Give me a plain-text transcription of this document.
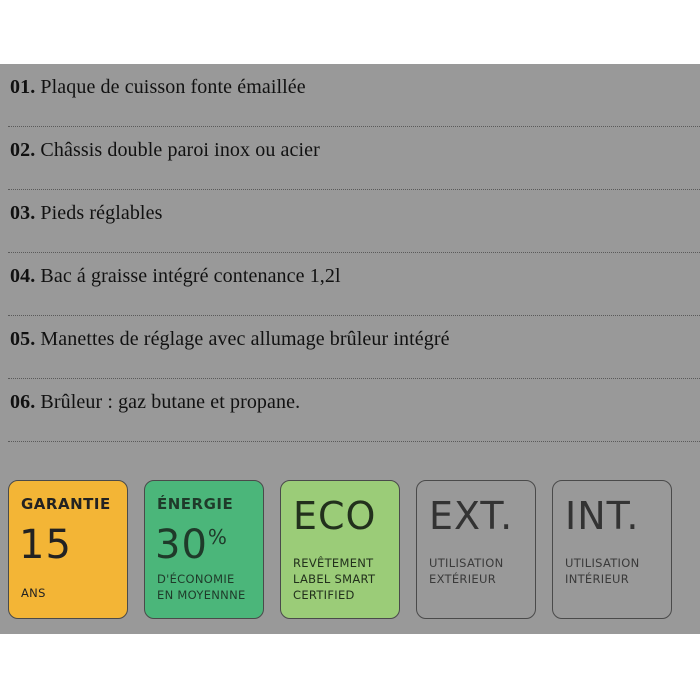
01. Plaque de cuisson fonte émaillée
02. Châssis double paroi inox ou acier
03. Pieds réglables
04. Bac á graisse intégré contenance 1,2l
05. Manettes de réglage avec allumage brûleur intégré
06. Brûleur : gaz butane et propane.
GARANTIE
15
ANS
ÉNERGIE
30%
D'ÉCONOMIE
EN MOYENNNE
ECO
REVÊTEMENT
LABEL SMART
CERTIFIED
EXT.
UTILISATION
EXTÉRIEUR
INT.
UTILISATION
INTÉRIEUR
